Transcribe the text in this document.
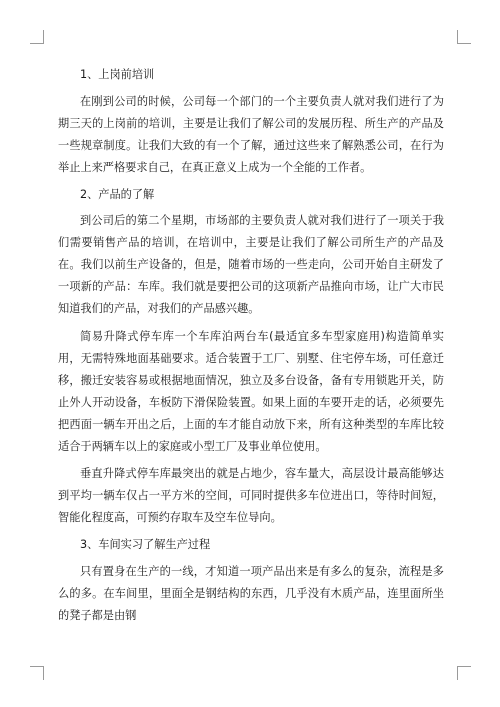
1、上岗前培训

在刚到公司的时候，公司每一个部门的一个主要负责人就对我们进行了为期三天的上岗前的培训，主要是让我们了解公司的发展历程、所生产的产品及一些规章制度。让我们大致的有一个了解，通过这些来了解熟悉公司，在行为举止上来严格要求自己，在真正意义上成为一个全能的工作者。

2、产品的了解

到公司后的第二个星期，市场部的主要负责人就对我们进行了一项关于我们需要销售产品的培训，在培训中，主要是让我们了解公司所生产的产品及在。我们以前生产设备的，但是，随着市场的一些走向，公司开始自主研发了一项新的产品：车库。我们就是要把公司的这项新产品推向市场，让广大市民知道我们的产品，对我们的产品感兴趣。

简易升降式停车库一个车库泊两台车(最适宜多车型家庭用)构造简单实用，无需特殊地面基础要求。适合装置于工厂、别墅、住宅停车场，可任意迁移，搬迁安装容易或根据地面情况，独立及多台设备，备有专用锁匙开关，防止外人开动设备，车板防下滑保险装置。如果上面的车要开走的话，必须要先把西面一辆车开出之后，上面的车才能自动放下来，所有这种类型的车库比较适合于两辆车以上的家庭或小型工厂及事业单位使用。

垂直升降式停车库最突出的就是占地少，容车量大，高层设计最高能够达到平均一辆车仅占一平方米的空间，可同时提供多车位进出口，等待时间短，智能化程度高，可预约存取车及空车位导向。

3、车间实习了解生产过程

只有置身在生产的一线，才知道一项产品出来是有多么的复杂，流程是多么的多。在车间里，里面全是钢结构的东西，几乎没有木质产品，连里面所坐的凳子都是由钢
